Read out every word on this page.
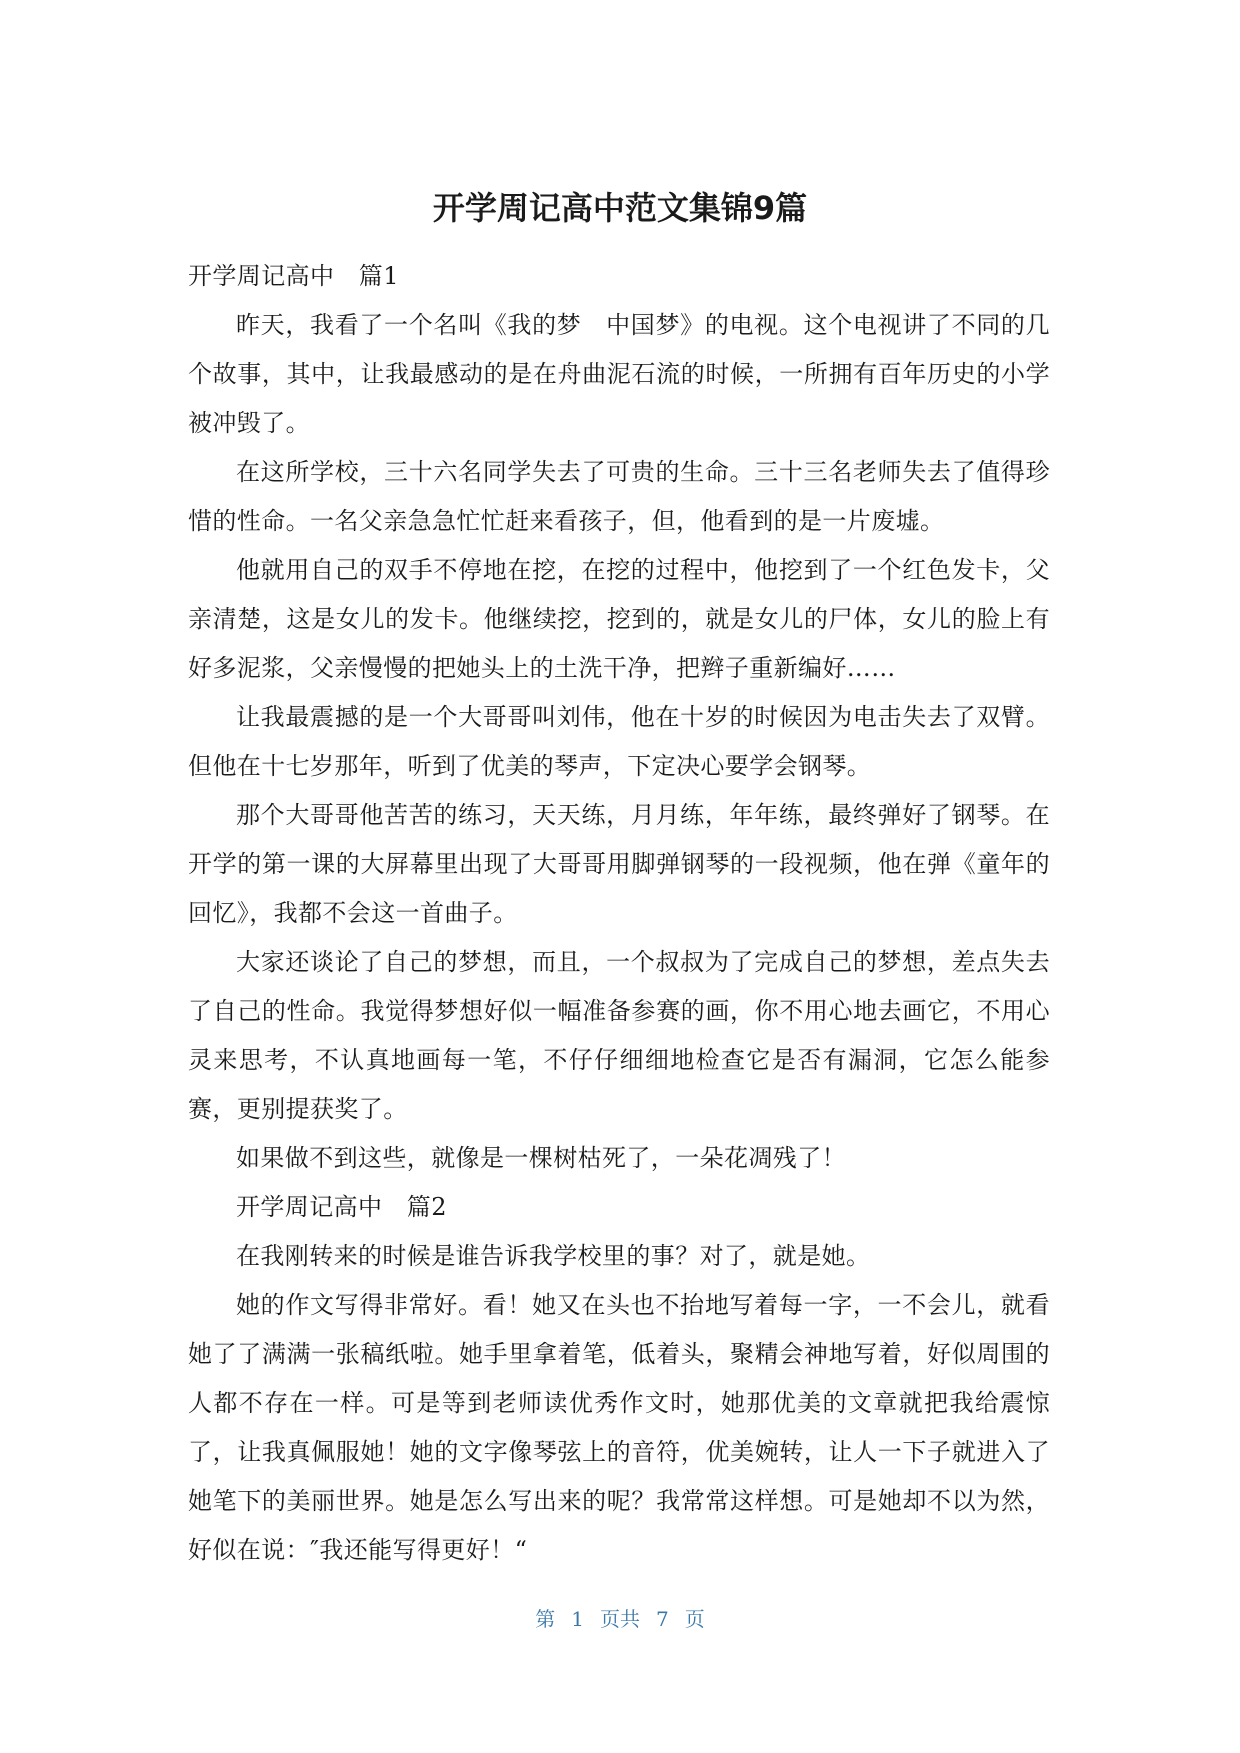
开学周记高中范文集锦9篇

开学周记高中　篇1

昨天，我看了一个名叫《我的梦　中国梦》的电视。这个电视讲了不同的几个故事，其中，让我最感动的是在舟曲泥石流的时候，一所拥有百年历史的小学被冲毁了。

在这所学校，三十六名同学失去了可贵的生命。三十三名老师失去了值得珍惜的性命。一名父亲急急忙忙赶来看孩子，但，他看到的是一片废墟。

他就用自己的双手不停地在挖，在挖的过程中，他挖到了一个红色发卡，父亲清楚，这是女儿的发卡。他继续挖，挖到的，就是女儿的尸体，女儿的脸上有好多泥浆，父亲慢慢的把她头上的土洗干净，把辫子重新编好……

让我最震撼的是一个大哥哥叫刘伟，他在十岁的时候因为电击失去了双臂。但他在十七岁那年，听到了优美的琴声，下定决心要学会钢琴。

那个大哥哥他苦苦的练习，天天练，月月练，年年练，最终弹好了钢琴。在开学的第一课的大屏幕里出现了大哥哥用脚弹钢琴的一段视频，他在弹《童年的回忆》，我都不会这一首曲子。

大家还谈论了自己的梦想，而且，一个叔叔为了完成自己的梦想，差点失去了自己的性命。我觉得梦想好似一幅准备参赛的画，你不用心地去画它，不用心灵来思考，不认真地画每一笔，不仔仔细细地检查它是否有漏洞，它怎么能参赛，更别提获奖了。

如果做不到这些，就像是一棵树枯死了，一朵花凋残了！

开学周记高中　篇2

在我刚转来的时候是谁告诉我学校里的事？对了，就是她。

她的作文写得非常好。看！她又在头也不抬地写着每一字，一不会儿，就看她了了满满一张稿纸啦。她手里拿着笔，低着头，聚精会神地写着，好似周围的人都不存在一样。可是等到老师读优秀作文时，她那优美的文章就把我给震惊了，让我真佩服她！她的文字像琴弦上的音符，优美婉转，让人一下子就进入了她笔下的美丽世界。她是怎么写出来的呢？我常常这样想。可是她却不以为然，好似在说：″我还能写得更好！“

第 1 页共 7 页
